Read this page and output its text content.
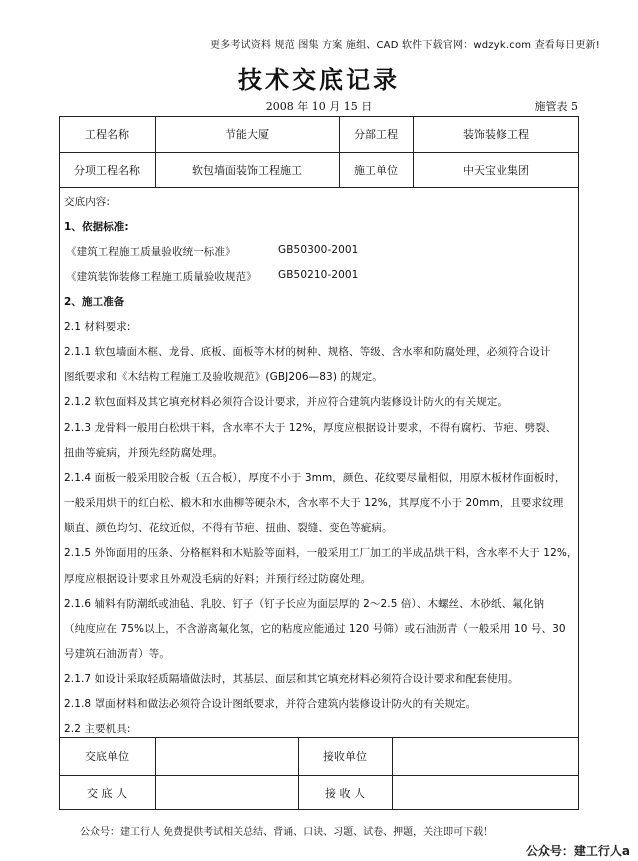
更多考试资料 规范 图集 方案 施组、CAD 软件下载官网：wdzyk.com 查看每日更新!
技术交底记录
2008 年 10 月 15 日	施管表 5
工程名称	节能大厦	分部工程	装饰装修工程
分项工程名称	软包墙面装饰工程施工	施工单位	中天宝业集团
交底内容:
1、依据标准:
《建筑工程施工质量验收统一标准》	GB50300-2001
《建筑装饰装修工程施工质量验收规范》 GB50210-2001
2、施工准备
2.1 材料要求:
2.1.1 软包墙面木框、龙骨、底板、面板等木材的树种、规格、等级、含水率和防腐处理，必须符合设计
图纸要求和《木结构工程施工及验收规范》(GBJ206—83) 的规定。
2.1.2 软包面料及其它填充材料必须符合设计要求，并应符合建筑内装修设计防火的有关规定。
2.1.3 龙骨料一般用白松烘干料，含水率不大于 12%，厚度应根据设计要求，不得有腐朽、节疤、劈裂、
扭曲等疵病，并预先经防腐处理。
2.1.4 面板一般采用胶合板（五合板），厚度不小于 3mm，颜色、花纹要尽量相似，用原木板材作面板时，
一般采用烘干的红白松、椴木和水曲柳等硬杂木，含水率不大于 12%，其厚度不小于 20mm，且要求纹理
顺直、颜色均匀、花纹近似，不得有节疤、扭曲、裂缝、变色等疵病。
2.1.5 外饰面用的压条、分格框料和木贴脸等面料，一般采用工厂加工的半成品烘干料，含水率不大于 12%，
厚度应根据设计要求且外观没毛病的好料；并预行经过防腐处理。
2.1.6 辅料有防潮纸或油毡、乳胶、钉子（钉子长应为面层厚的 2～2.5 倍）、木螺丝、木砂纸、氟化钠
（纯度应在 75%以上，不含游离氟化氢，它的粘度应能通过 120 号筛）或石油沥青（一般采用 10 号、30
号建筑石油沥青）等。
2.1.7 如设计采取轻质隔墙做法时，其基层、面层和其它填充材料必须符合设计要求和配套使用。
2.1.8 罩面材料和做法必须符合设计图纸要求，并符合建筑内装修设计防火的有关规定。
2.2 主要机具:
交底单位	接收单位
交 底 人	接 收 人
公众号：建工行人 免费提供考试相关总结、背诵、口诀、习题、试卷、押题，关注即可下载！
公众号：建工行人a
